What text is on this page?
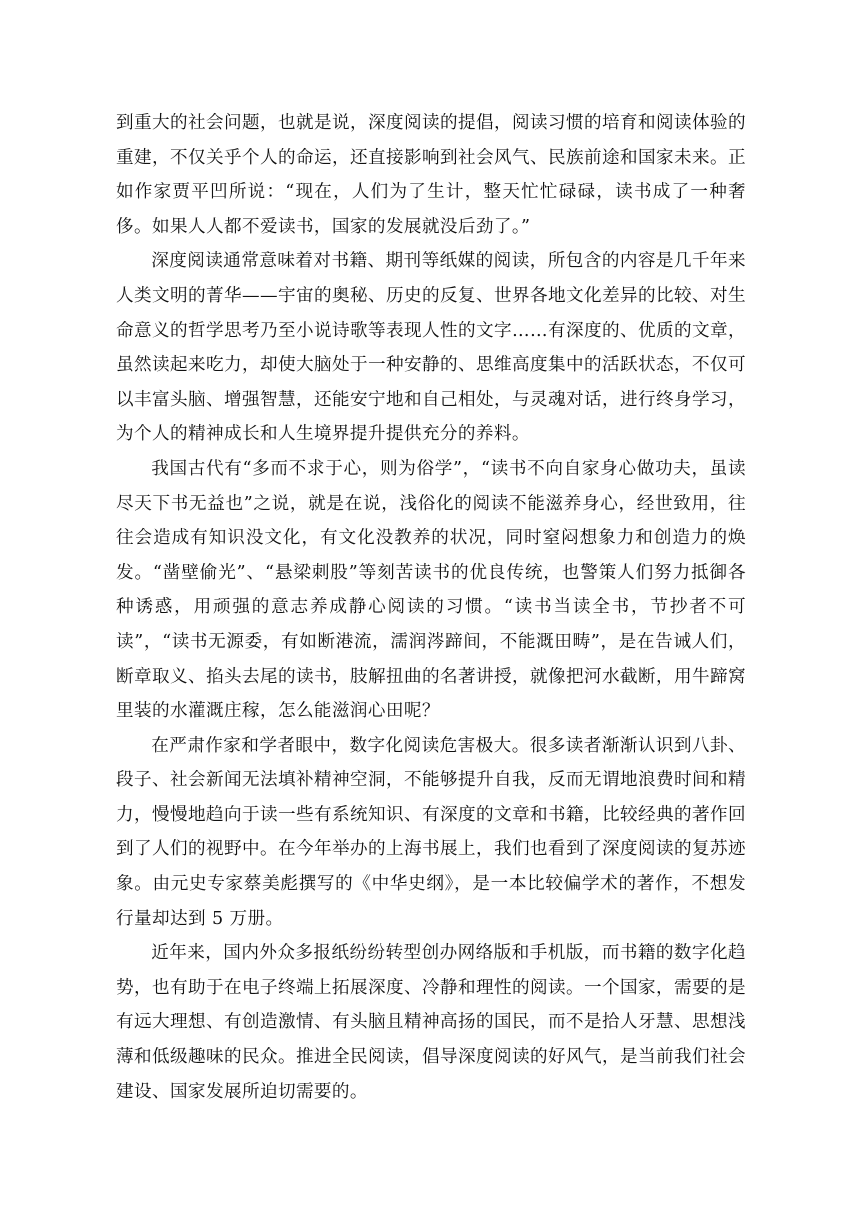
到重大的社会问题，也就是说，深度阅读的提倡，阅读习惯的培育和阅读体验的重建，不仅关乎个人的命运，还直接影响到社会风气、民族前途和国家未来。正如作家贾平凹所说：“现在，人们为了生计，整天忙忙碌碌，读书成了一种奢侈。如果人人都不爱读书，国家的发展就没后劲了。”

深度阅读通常意味着对书籍、期刊等纸媒的阅读，所包含的内容是几千年来人类文明的菁华——宇宙的奥秘、历史的反复、世界各地文化差异的比较、对生命意义的哲学思考乃至小说诗歌等表现人性的文字……有深度的、优质的文章，虽然读起来吃力，却使大脑处于一种安静的、思维高度集中的活跃状态，不仅可以丰富头脑、增强智慧，还能安宁地和自己相处，与灵魂对话，进行终身学习，为个人的精神成长和人生境界提升提供充分的养料。

我国古代有“多而不求于心，则为俗学”，“读书不向自家身心做功夫，虽读尽天下书无益也”之说，就是在说，浅俗化的阅读不能滋养身心，经世致用，往往会造成有知识没文化，有文化没教养的状况，同时窒闷想象力和创造力的焕发。“凿壁偷光”、“悬梁刺股”等刻苦读书的优良传统，也警策人们努力抵御各种诱惑，用顽强的意志养成静心阅读的习惯。“读书当读全书，节抄者不可读”，“读书无源委，有如断港流，濡润涔蹄间，不能溉田畴”，是在告诫人们，断章取义、掐头去尾的读书，肢解扭曲的名著讲授，就像把河水截断，用牛蹄窝里装的水灌溉庄稼，怎么能滋润心田呢？

在严肃作家和学者眼中，数字化阅读危害极大。很多读者渐渐认识到八卦、段子、社会新闻无法填补精神空洞，不能够提升自我，反而无谓地浪费时间和精力，慢慢地趋向于读一些有系统知识、有深度的文章和书籍，比较经典的著作回到了人们的视野中。在今年举办的上海书展上，我们也看到了深度阅读的复苏迹象。由元史专家蔡美彪撰写的《中华史纲》，是一本比较偏学术的著作，不想发行量却达到 5 万册。

近年来，国内外众多报纸纷纷转型创办网络版和手机版，而书籍的数字化趋势，也有助于在电子终端上拓展深度、冷静和理性的阅读。一个国家，需要的是有远大理想、有创造激情、有头脑且精神高扬的国民，而不是拾人牙慧、思想浅薄和低级趣味的民众。推进全民阅读，倡导深度阅读的好风气，是当前我们社会建设、国家发展所迫切需要的。
